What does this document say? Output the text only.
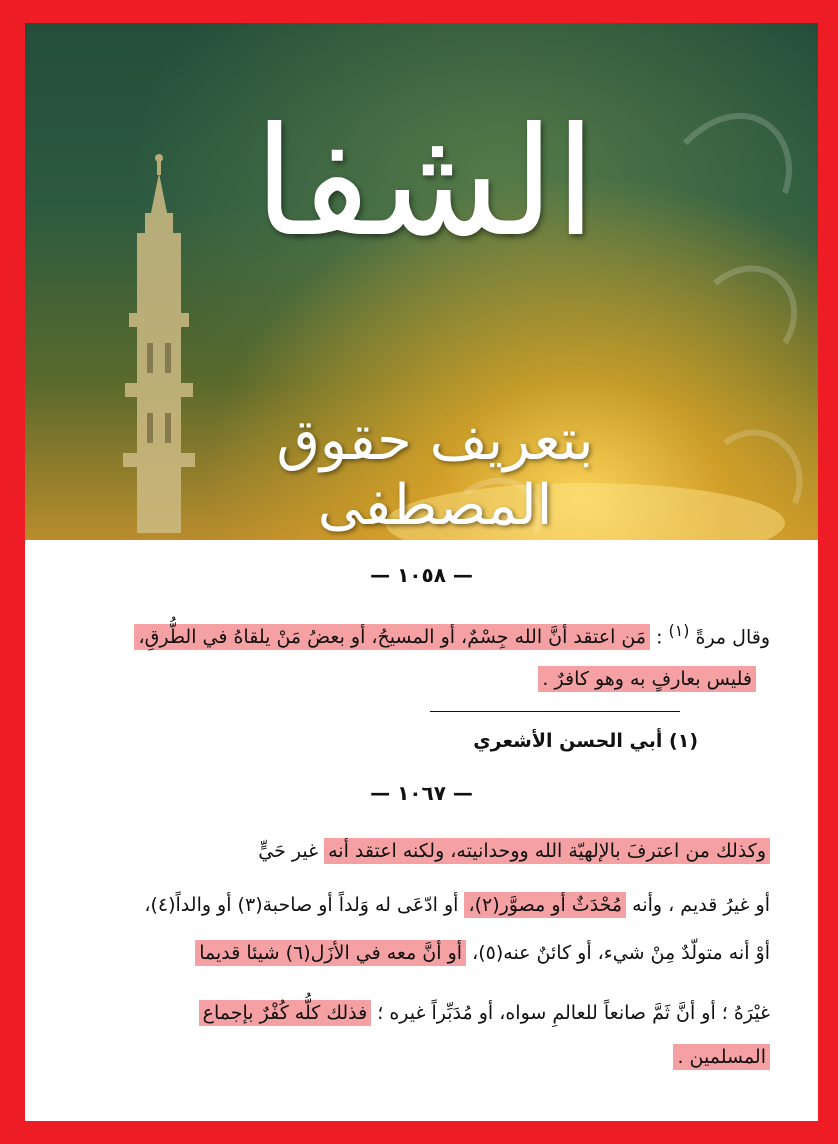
الشفا
بتعريف حقوق المصطفى
— ١٠٥٨ —
وقال مرةً $^{(١)}$ : مَن اعتقد أنَّ الله جِسْمٌ، أو المسيحُ، أو بعضُ مَنْ يلقاهُ في الطُّرقِ،
فليس بعارفٍ به وهو كافرٌ .
(١) أبي الحسن الأشعري
— ١٠٦٧ —
وكذلك من اعترفَ بالإلهيّة الله ووحدانيته، ولكنه اعتقد أنه غير حَيٍّ
أو غيرُ قديم ، وأنه مُحْدَثٌ أو مصوَّر(٢)، أو ادّعَى له وَلداً أو صاحبة(٣) أو والداً(٤)،
أوْ أنه متولّدٌ مِنْ شيء، أو كائنٌ عنه(٥)، أو أنَّ معه في الأزَل(٦) شيئا قديما
غيْرَهُ ؛ أو أنَّ ثَمَّ صانعاً للعالمِ سواه، أو مُدَبِّراً غيره ؛ فذلك كلُّه كُفْرٌ بإجماع
المسلمين .
